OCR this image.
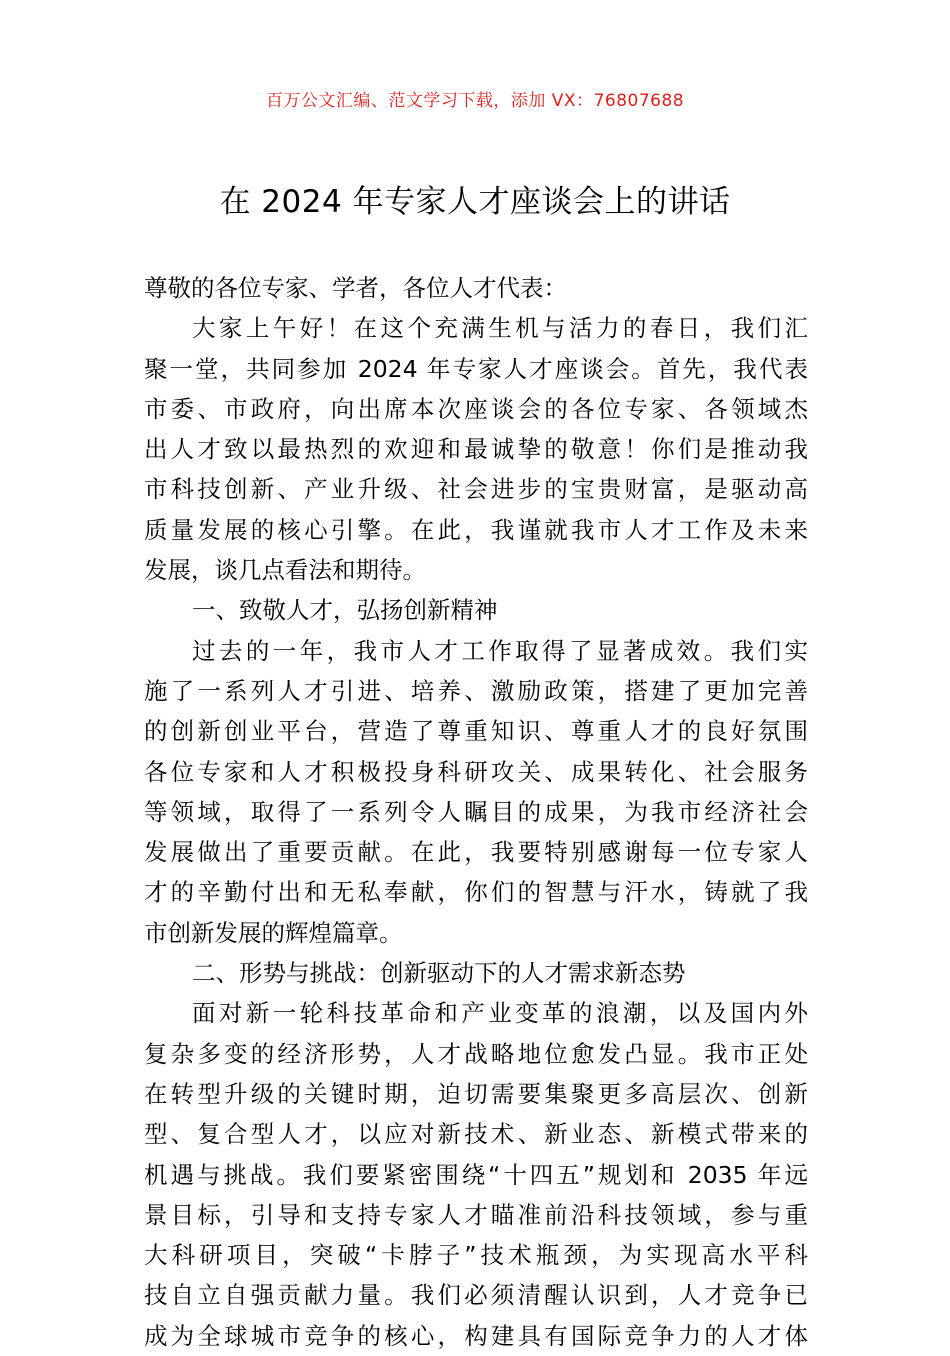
百万公文汇编、范文学习下载，添加 VX：76807688
在 2024 年专家人才座谈会上的讲话
尊敬的各位专家、学者，各位人才代表：
大家上午好！在这个充满生机与活力的春日，我们汇
聚一堂，共同参加 2024 年专家人才座谈会。首先，我代表
市委、市政府，向出席本次座谈会的各位专家、各领域杰
出人才致以最热烈的欢迎和最诚挚的敬意！你们是推动我
市科技创新、产业升级、社会进步的宝贵财富，是驱动高
质量发展的核心引擎。在此，我谨就我市人才工作及未来
发展，谈几点看法和期待。
一、致敬人才，弘扬创新精神
过去的一年，我市人才工作取得了显著成效。我们实
施了一系列人才引进、培养、激励政策，搭建了更加完善
的创新创业平台，营造了尊重知识、尊重人才的良好氛围
各位专家和人才积极投身科研攻关、成果转化、社会服务
等领域，取得了一系列令人瞩目的成果，为我市经济社会
发展做出了重要贡献。在此，我要特别感谢每一位专家人
才的辛勤付出和无私奉献，你们的智慧与汗水，铸就了我
市创新发展的辉煌篇章。
二、形势与挑战：创新驱动下的人才需求新态势
面对新一轮科技革命和产业变革的浪潮，以及国内外
复杂多变的经济形势，人才战略地位愈发凸显。我市正处
在转型升级的关键时期，迫切需要集聚更多高层次、创新
型、复合型人才，以应对新技术、新业态、新模式带来的
机遇与挑战。我们要紧密围绕“十四五”规划和 2035 年远
景目标，引导和支持专家人才瞄准前沿科技领域，参与重
大科研项目，突破“卡脖子”技术瓶颈，为实现高水平科
技自立自强贡献力量。我们必须清醒认识到，人才竞争已
成为全球城市竞争的核心，构建具有国际竞争力的人才体
